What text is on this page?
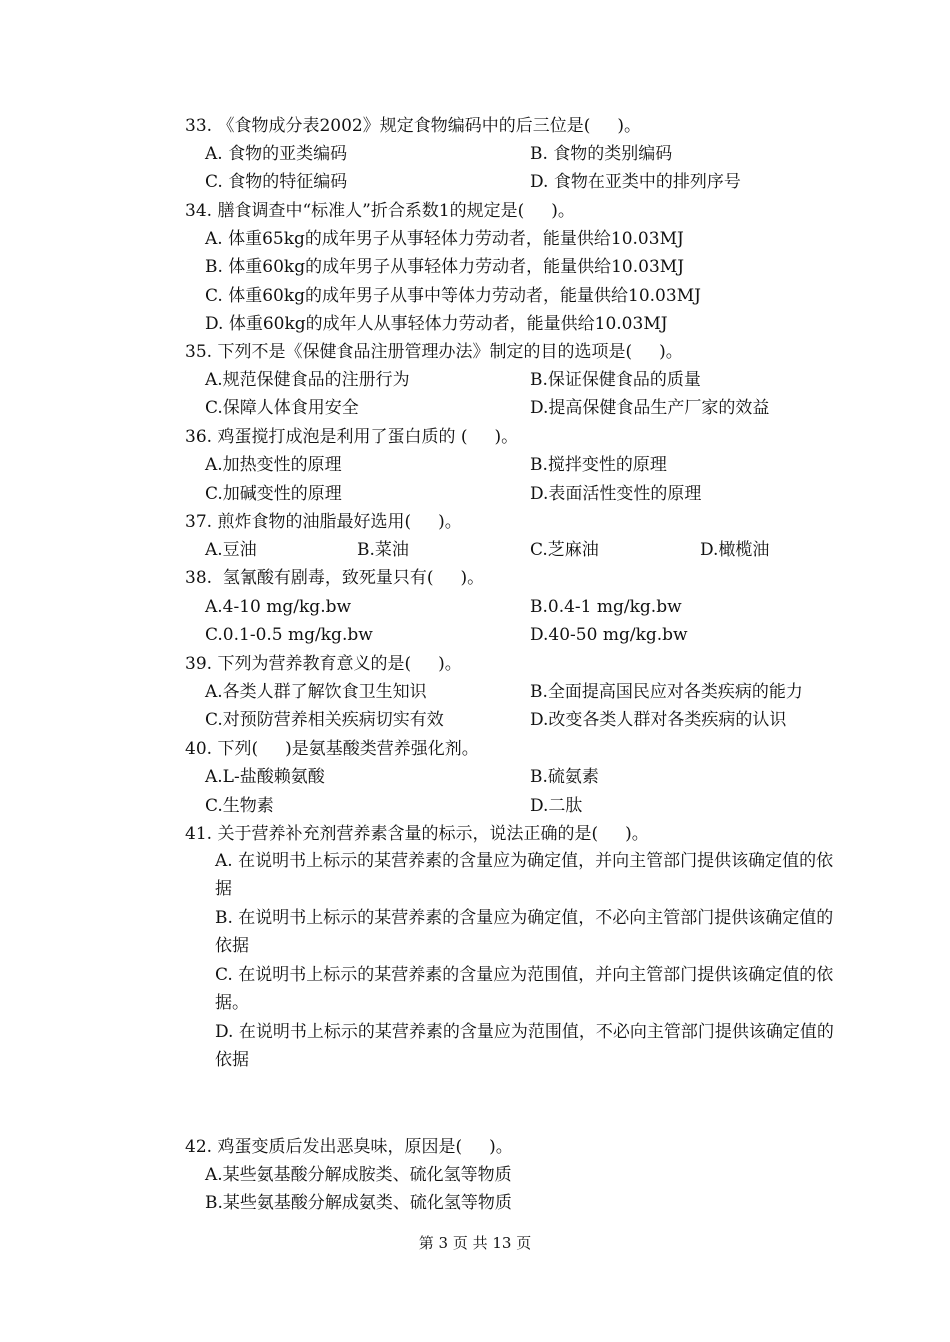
33. 《食物成分表2002》规定食物编码中的后三位是(     )。
A. 食物的亚类编码	B. 食物的类别编码
C. 食物的特征编码	D. 食物在亚类中的排列序号
34. 膳食调查中“标准人”折合系数1的规定是(     )。
A. 体重65kg的成年男子从事轻体力劳动者，能量供给10.03MJ
B. 体重60kg的成年男子从事轻体力劳动者，能量供给10.03MJ
C. 体重60kg的成年男子从事中等体力劳动者，能量供给10.03MJ
D. 体重60kg的成年人从事轻体力劳动者，能量供给10.03MJ
35. 下列不是《保健食品注册管理办法》制定的目的选项是(     )。
A.规范保健食品的注册行为	B.保证保健食品的质量
C.保障人体食用安全	D.提高保健食品生产厂家的效益
36. 鸡蛋搅打成泡是利用了蛋白质的 (     )。
A.加热变性的原理	B.搅拌变性的原理
C.加碱变性的原理	D.表面活性变性的原理
37. 煎炸食物的油脂最好选用(     )。
A.豆油	B.菜油	C.芝麻油	D.橄榄油
38.  氢氰酸有剧毒，致死量只有(     )。
A.4-10 mg/kg.bw	B.0.4-1 mg/kg.bw
C.0.1-0.5 mg/kg.bw	D.40-50 mg/kg.bw
39. 下列为营养教育意义的是(     )。
A.各类人群了解饮食卫生知识	B.全面提高国民应对各类疾病的能力
C.对预防营养相关疾病切实有效	D.改变各类人群对各类疾病的认识
40. 下列(     )是氨基酸类营养强化剂。
A.L-盐酸赖氨酸	B.硫氨素
C.生物素	D.二肽
41. 关于营养补充剂营养素含量的标示，说法正确的是(     )。
A. 在说明书上标示的某营养素的含量应为确定值，并向主管部门提供该确定值的依据
B. 在说明书上标示的某营养素的含量应为确定值，不必向主管部门提供该确定值的依据
C. 在说明书上标示的某营养素的含量应为范围值，并向主管部门提供该确定值的依据。
D. 在说明书上标示的某营养素的含量应为范围值，不必向主管部门提供该确定值的依据
42. 鸡蛋变质后发出恶臭味，原因是(     )。
A.某些氨基酸分解成胺类、硫化氢等物质
B.某些氨基酸分解成氨类、硫化氢等物质
第 3 页 共 13 页
